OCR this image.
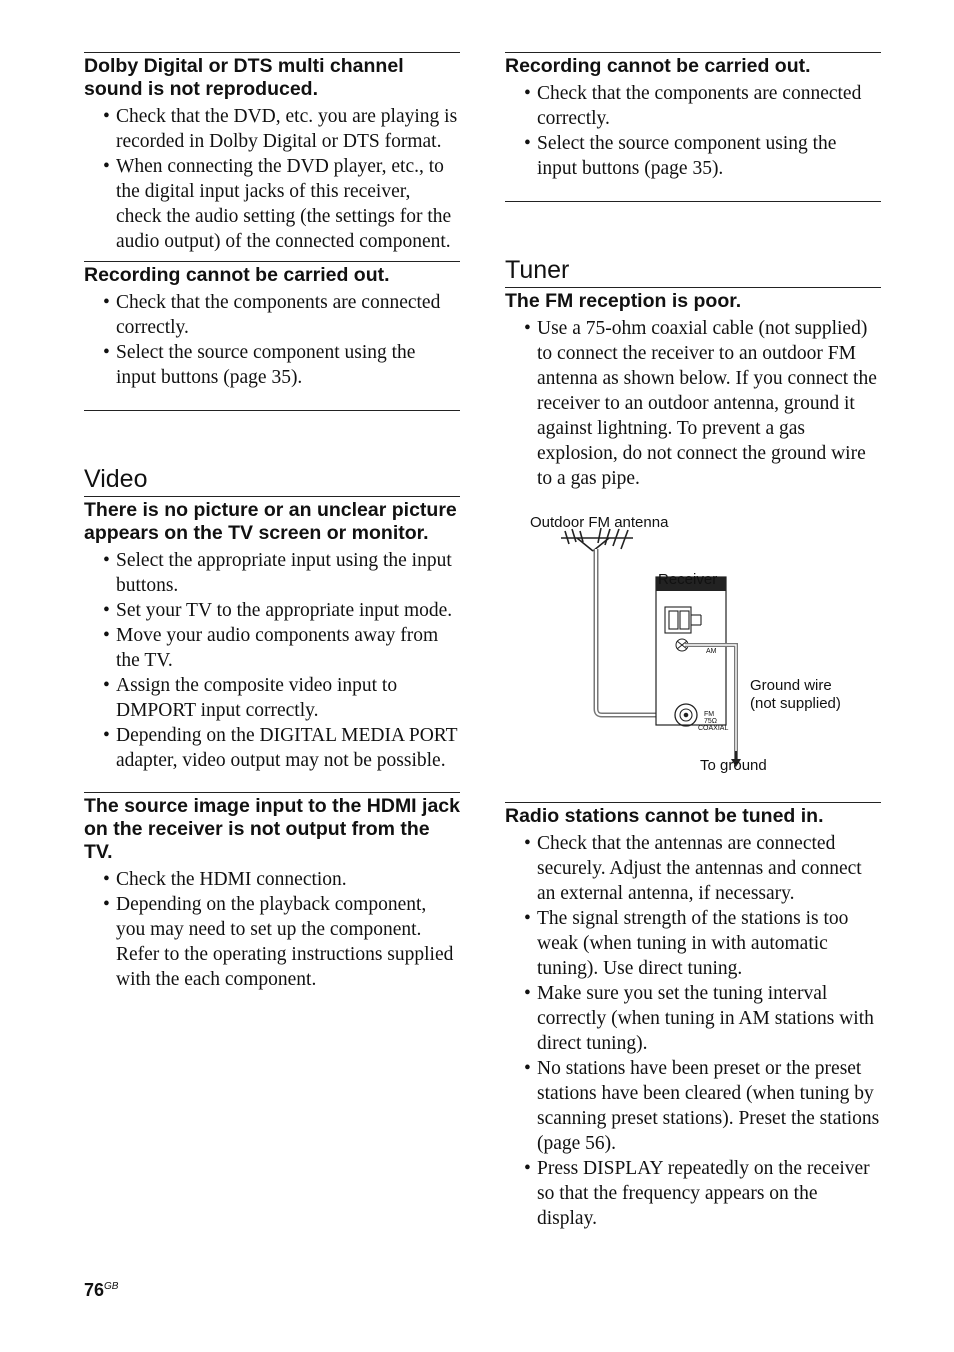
Dolby Digital or DTS multi channel sound is not reproduced.
• Check that the DVD, etc. you are playing is recorded in Dolby Digital or DTS format.
• When connecting the DVD player, etc., to the digital input jacks of this receiver, check the audio setting (the settings for the audio output) of the connected component.
Recording cannot be carried out.
• Check that the components are connected correctly.
• Select the source component using the input buttons (page 35).
Video
There is no picture or an unclear picture appears on the TV screen or monitor.
• Select the appropriate input using the input buttons.
• Set your TV to the appropriate input mode.
• Move your audio components away from the TV.
• Assign the composite video input to DMPORT input correctly.
• Depending on the DIGITAL MEDIA PORT adapter, video output may not be possible.
The source image input to the HDMI jack on the receiver is not output from the TV.
• Check the HDMI connection.
• Depending on the playback component, you may need to set up the component. Refer to the operating instructions supplied with the each component.
Recording cannot be carried out.
• Check that the components are connected correctly.
• Select the source component using the input buttons (page 35).
Tuner
The FM reception is poor.
• Use a 75-ohm coaxial cable (not supplied) to connect the receiver to an outdoor FM antenna as shown below. If you connect the receiver to an outdoor antenna, ground it against lightning. To prevent a gas explosion, do not connect the ground wire to a gas pipe.
Outdoor FM antenna
Receiver
ANTENNA
AM
FM
75Ω
COAXIAL
Ground wire
(not supplied)
To ground
Radio stations cannot be tuned in.
• Check that the antennas are connected securely. Adjust the antennas and connect an external antenna, if necessary.
• The signal strength of the stations is too weak (when tuning in with automatic tuning). Use direct tuning.
• Make sure you set the tuning interval correctly (when tuning in AM stations with direct tuning).
• No stations have been preset or the preset stations have been cleared (when tuning by scanning preset stations). Preset the stations (page 56).
• Press DISPLAY repeatedly on the receiver so that the frequency appears on the display.
$76^{GB}$
